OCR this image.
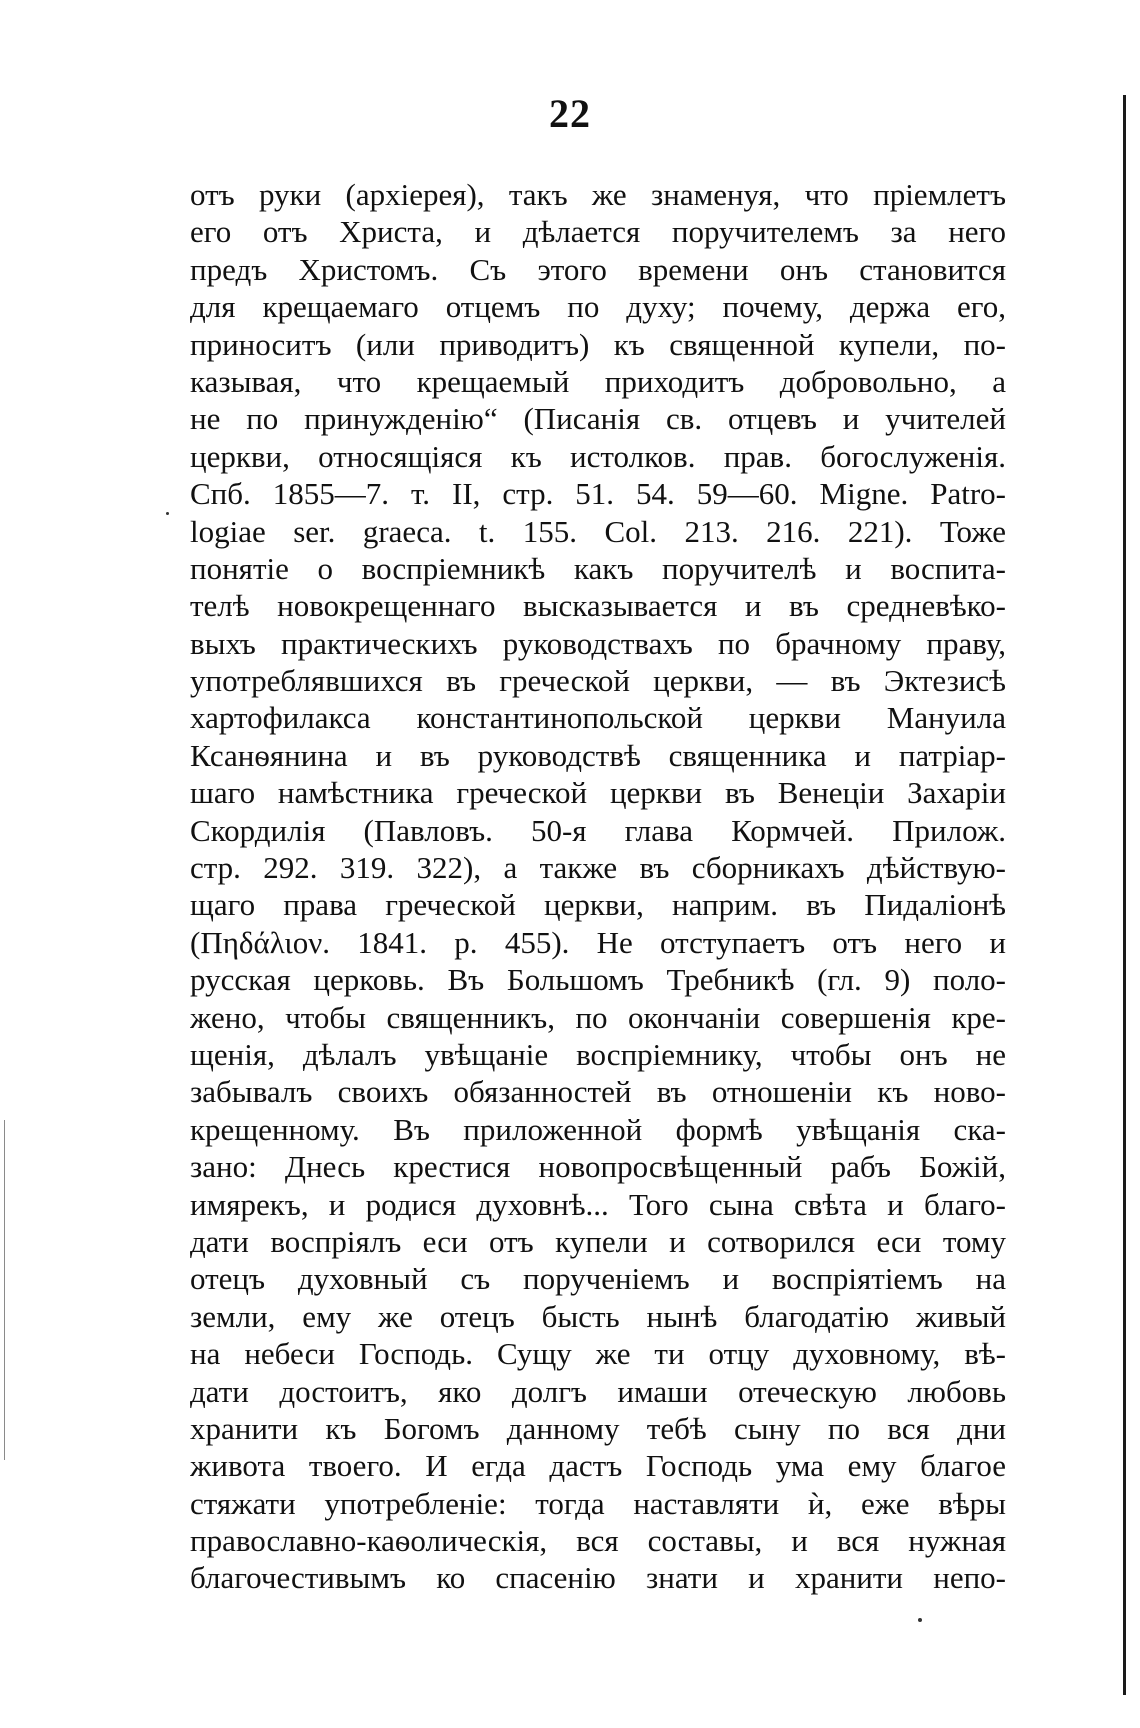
22
отъ руки (архіерея), такъ же знаменуя, что пріемлетъ
его отъ Христа, и дѣлается поручителемъ за него
предъ Христомъ. Съ этого времени онъ становится
для крещаемаго отцемъ по духу; почему, держа его,
приноситъ (или приводитъ) къ священной купели, по-
казывая, что крещаемый приходитъ добровольно, а
не по принужденію“ (Писанія св. отцевъ и учителей
церкви, относящіяся къ истолков. прав. богослуженія.
Спб. 1855—7. т. II, стр. 51. 54. 59—60. Migne. Patro-
logiae ser. graeca. t. 155. Col. 213. 216. 221). Тоже
понятіе о воспріемникѣ какъ поручителѣ и воспита-
телѣ новокрещеннаго высказывается и въ средневѣко-
выхъ практическихъ руководствахъ по брачному праву,
употреблявшихся въ греческой церкви, — въ Эктезисѣ
хартофилакса константинопольской церкви Мануила
Ксанѳянина и въ руководствѣ священника и патріар-
шаго намѣстника греческой церкви въ Венеціи Захаріи
Скордилія (Павловъ. 50-я глава Кормчей. Прилож.
стр. 292. 319. 322), а также въ сборникахъ дѣйствую-
щаго права греческой церкви, наприм. въ Пидаліонѣ
(Πηδάλιον. 1841. p. 455). Не отступаетъ отъ него и
русская церковь. Въ Большомъ Требникѣ (гл. 9) поло-
жено, чтобы священникъ, по окончаніи совершенія кре-
щенія, дѣлалъ увѣщаніе воспріемнику, чтобы онъ не
забывалъ своихъ обязанностей въ отношеніи къ ново-
крещенному. Въ приложенной формѣ увѣщанія ска-
зано: Днесь крестися новопросвѣщенный рабъ Божій,
имярекъ, и родися духовнѣ... Того сына свѣта и благо-
дати воспріялъ еси отъ купели и сотворился еси тому
отецъ духовный съ порученіемъ и воспріятіемъ на
земли, ему же отецъ бысть нынѣ благодатію живый
на небеси Господь. Сущу же ти отцу духовному, вѣ-
дати достоитъ, яко долгъ имаши отеческую любовь
хранити къ Богомъ данному тебѣ сыну по вся дни
живота твоего. И егда дастъ Господь ума ему благое
стяжати употребленіе: тогда наставляти ѝ, еже вѣры
православно-каѳолическія, вся составы, и вся нужная
благочестивымъ ко спасенію знати и хранити непо-
